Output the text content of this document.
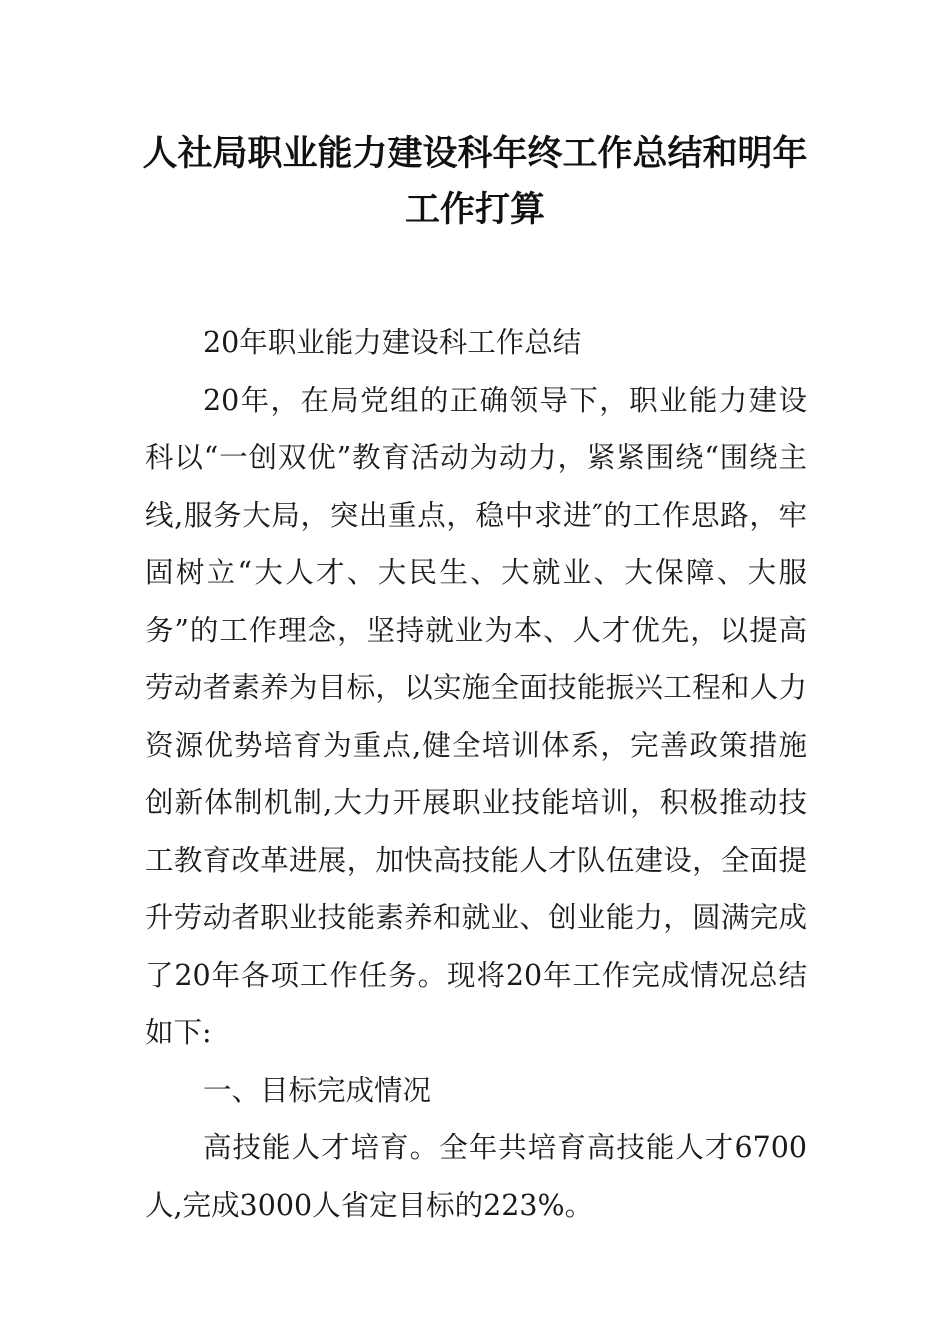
人社局职业能力建设科年终工作总结和明年工作打算

20年职业能力建设科工作总结

20年，在局党组的正确领导下，职业能力建设科以“一创双优”教育活动为动力，紧紧围绕“围绕主线,服务大局，突出重点，稳中求进″的工作思路，牢固树立“大人才、大民生、大就业、大保障、大服务”的工作理念，坚持就业为本、人才优先，以提高劳动者素养为目标，以实施全面技能振兴工程和人力资源优势培育为重点,健全培训体系，完善政策措施创新体制机制,大力开展职业技能培训，积极推动技工教育改革进展，加快高技能人才队伍建设，全面提升劳动者职业技能素养和就业、创业能力，圆满完成了20年各项工作任务。现将20年工作完成情况总结如下:

一、目标完成情况

高技能人才培育。全年共培育高技能人才6700人,完成3000人省定目标的223%。
